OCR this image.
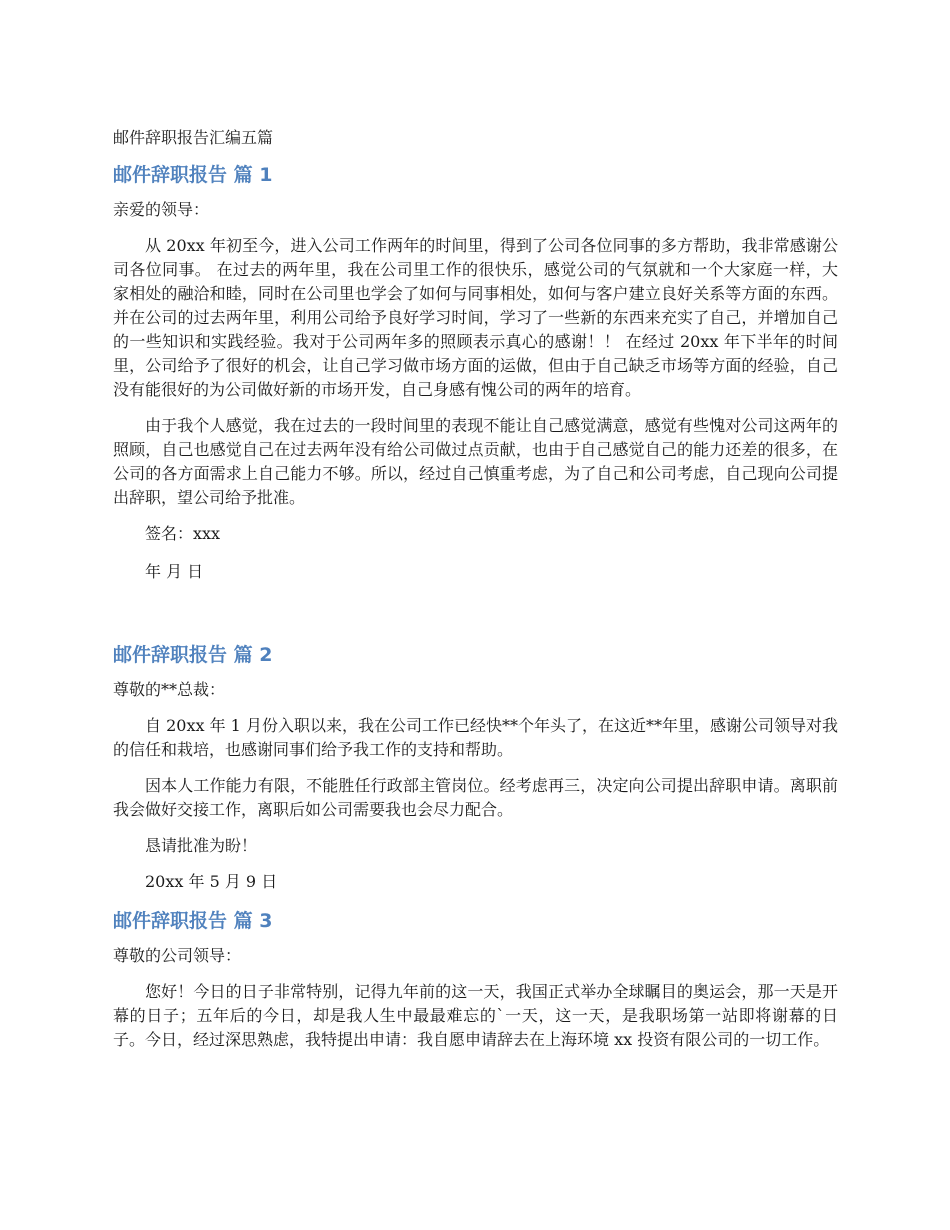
邮件辞职报告汇编五篇
邮件辞职报告 篇 1

亲爱的领导：

从 20xx 年初至今，进入公司工作两年的时间里，得到了公司各位同事的多方帮助，我非常感谢公司各位同事。 在过去的两年里，我在公司里工作的很快乐，感觉公司的气氛就和一个大家庭一样，大家相处的融洽和睦，同时在公司里也学会了如何与同事相处，如何与客户建立良好关系等方面的东西。并在公司的过去两年里，利用公司给予良好学习时间，学习了一些新的东西来充实了自己，并增加自己的一些知识和实践经验。我对于公司两年多的照顾表示真心的感谢！！ 在经过 20xx 年下半年的时间里，公司给予了很好的机会，让自己学习做市场方面的运做，但由于自己缺乏市场等方面的经验，自己没有能很好的为公司做好新的市场开发，自己身感有愧公司的两年的培育。

由于我个人感觉，我在过去的一段时间里的表现不能让自己感觉满意，感觉有些愧对公司这两年的照顾，自己也感觉自己在过去两年没有给公司做过点贡献，也由于自己感觉自己的能力还差的很多，在公司的各方面需求上自己能力不够。所以，经过自己慎重考虑，为了自己和公司考虑，自己现向公司提出辞职，望公司给予批准。

签名：xxx

年 月 日

邮件辞职报告 篇 2

尊敬的**总裁：

自 20xx 年 1 月份入职以来，我在公司工作已经快**个年头了，在这近**年里，感谢公司领导对我的信任和栽培，也感谢同事们给予我工作的支持和帮助。

因本人工作能力有限，不能胜任行政部主管岗位。经考虑再三，决定向公司提出辞职申请。离职前我会做好交接工作，离职后如公司需要我也会尽力配合。

恳请批准为盼！

20xx 年 5 月 9 日

邮件辞职报告 篇 3

尊敬的公司领导：

您好！今日的日子非常特别，记得九年前的这一天，我国正式举办全球瞩目的奥运会，那一天是开幕的日子；五年后的今日，却是我人生中最最难忘的`一天，这一天，是我职场第一站即将谢幕的日子。今日，经过深思熟虑，我特提出申请：我自愿申请辞去在上海环境 xx 投资有限公司的一切工作。
